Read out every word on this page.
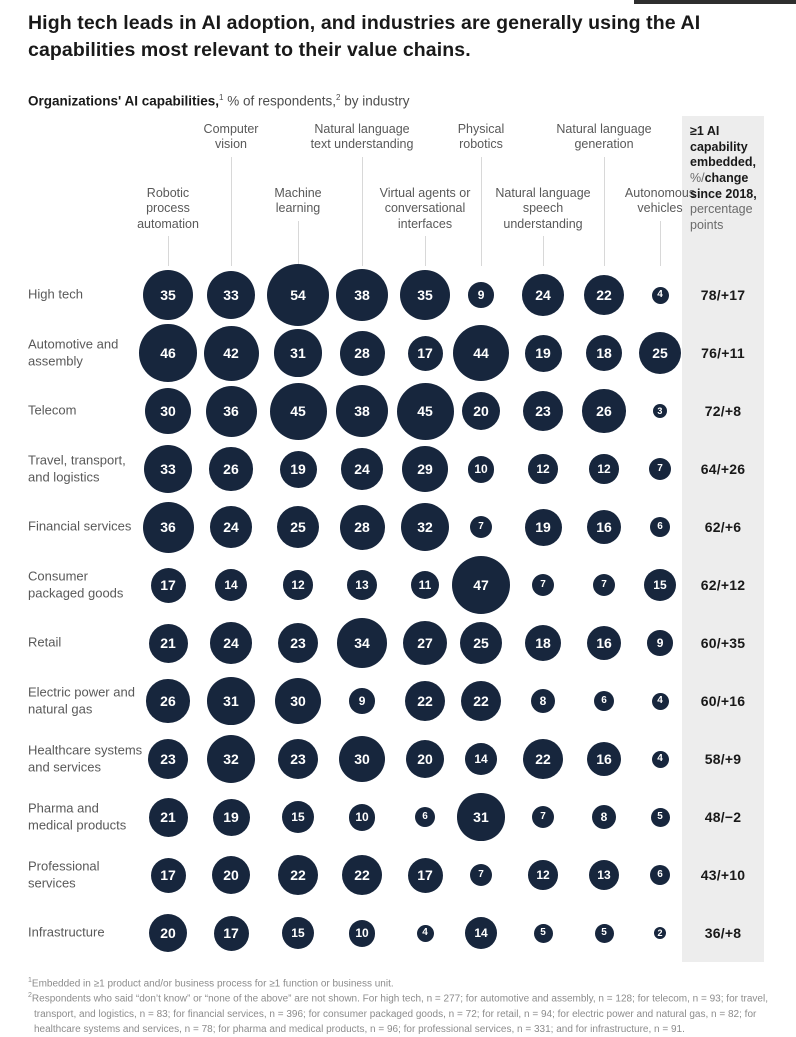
High tech leads in AI adoption, and industries are generally using the AI capabilities most relevant to their value chains.

Organizations' AI capabilities,$^1$ % of respondents,$^2$ by industry

≥1 AI capability embedded, %/change since 2018, percentage points
Robotic process automation
Computer vision
Machine learning
Natural language text understanding
Virtual agents or conversational interfaces
Physical robotics
Natural language speech understanding
Natural language generation
Autonomous vehicles
High tech	35	33	54	38	35	9	24	22	4	78/+17
Automotive and assembly	46	42	31	28	17	44	19	18	25	76/+11
Telecom	30	36	45	38	45	20	23	26	3	72/+8
Travel, transport, and logistics	33	26	19	24	29	10	12	12	7	64/+26
Financial services	36	24	25	28	32	7	19	16	6	62/+6
Consumer packaged goods	17	14	12	13	11	47	7	7	15	62/+12
Retail	21	24	23	34	27	25	18	16	9	60/+35
Electric power and natural gas	26	31	30	9	22	22	8	6	4	60/+16
Healthcare systems and services	23	32	23	30	20	14	22	16	4	58/+9
Pharma and medical products	21	19	15	10	6	31	7	8	5	48/−2
Professional services	17	20	22	22	17	7	12	13	6	43/+10
Infrastructure	20	17	15	10	4	14	5	5	2	36/+8

$^1$Embedded in ≥1 product and/or business process for ≥1 function or business unit.

$^2$Respondents who said “don’t know” or “none of the above” are not shown. For high tech, n = 277; for automotive and assembly, n = 128; for telecom, n = 93; for travel, transport, and logistics, n = 83; for financial services, n = 396; for consumer packaged goods, n = 72; for retail, n = 94; for electric power and natural gas, n = 82; for healthcare systems and services, n = 78; for pharma and medical products, n = 96; for professional services, n = 331; and for infrastructure, n = 91.
